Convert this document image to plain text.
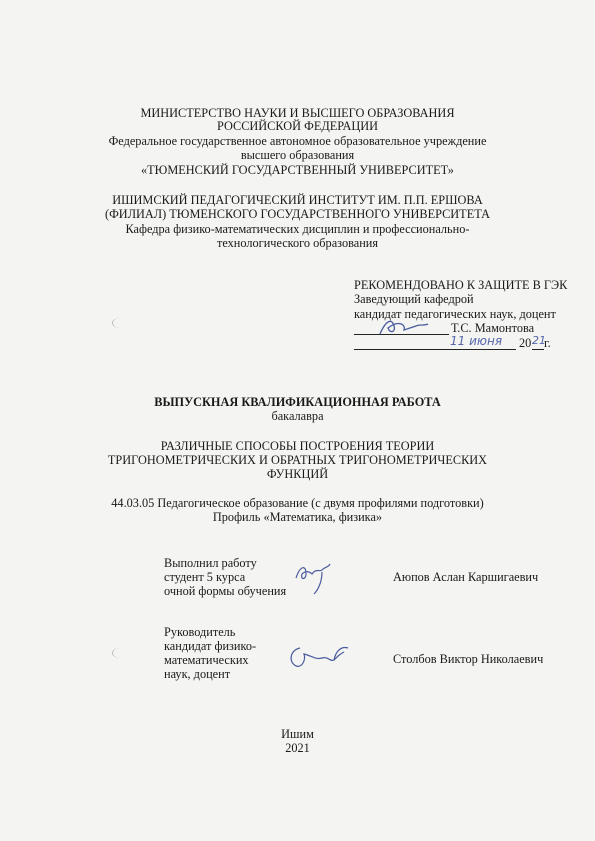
МИНИСТЕРСТВО НАУКИ И ВЫСШЕГО ОБРАЗОВАНИЯ
РОССИЙСКОЙ ФЕДЕРАЦИИ
Федеральное государственное автономное образовательное учреждение
высшего образования
«ТЮМЕНСКИЙ ГОСУДАРСТВЕННЫЙ УНИВЕРСИТЕТ»
ИШИМСКИЙ ПЕДАГОГИЧЕСКИЙ ИНСТИТУТ ИМ. П.П. ЕРШОВА
(ФИЛИАЛ) ТЮМЕНСКОГО ГОСУДАРСТВЕННОГО УНИВЕРСИТЕТА
Кафедра физико-математических дисциплин и профессионально-
технологического образования
РЕКОМЕНДОВАНО К ЗАЩИТЕ В ГЭК
Заведующий кафедрой
кандидат педагогических наук, доцент
Т.С. Мамонтова
11 июня 20 21
г.
ВЫПУСКНАЯ КВАЛИФИКАЦИОННАЯ РАБОТА
бакалавра
РАЗЛИЧНЫЕ СПОСОБЫ ПОСТРОЕНИЯ ТЕОРИИ
ТРИГОНОМЕТРИЧЕСКИХ И ОБРАТНЫХ ТРИГОНОМЕТРИЧЕСКИХ
ФУНКЦИЙ
44.03.05 Педагогическое образование (с двумя профилями подготовки)
Профиль «Математика, физика»
Выполнил работу
студент 5 курса
очной формы обучения
Аюпов Аслан Каршигаевич
Руководитель
кандидат физико-
математических
наук, доцент
Столбов Виктор Николаевич
Ишим
2021
